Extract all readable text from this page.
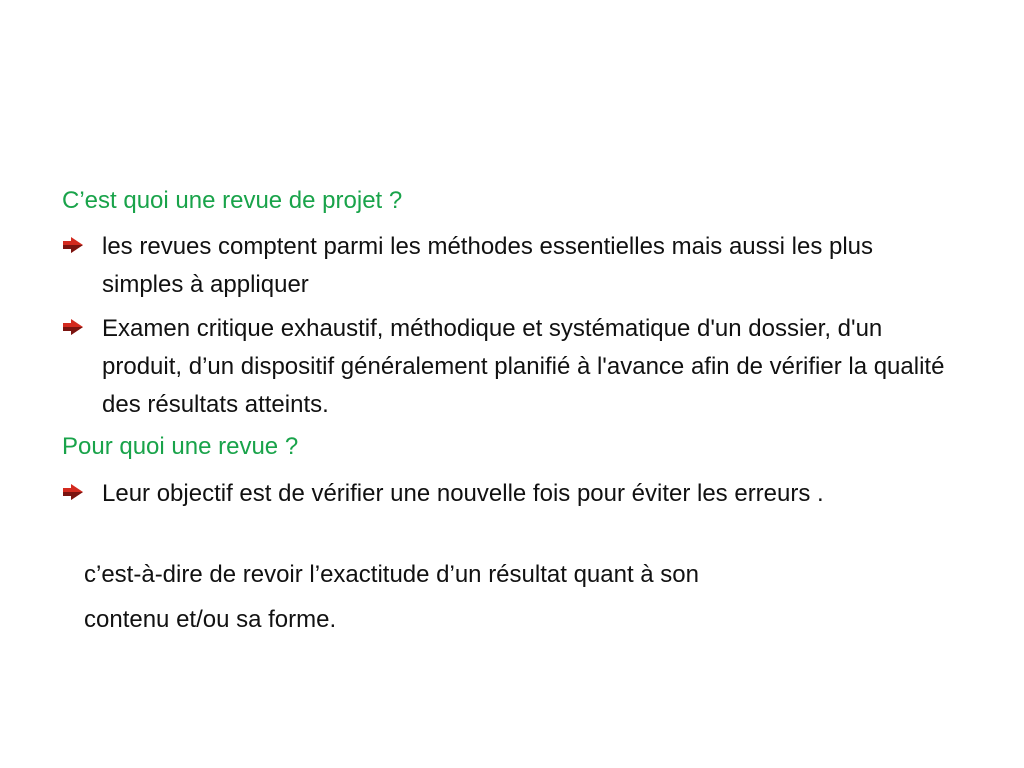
C’est quoi une revue de projet ?
les revues comptent parmi les méthodes essentielles mais aussi les plus simples à appliquer
Examen critique exhaustif, méthodique et systématique d'un dossier, d'un produit, d’un dispositif généralement planifié à l'avance afin de vérifier la qualité des résultats atteints.
Pour quoi une revue ?
Leur objectif est de vérifier une nouvelle fois pour éviter les erreurs .
c’est-à-dire de revoir l’exactitude d’un résultat quant à son
contenu et/ou sa forme.
